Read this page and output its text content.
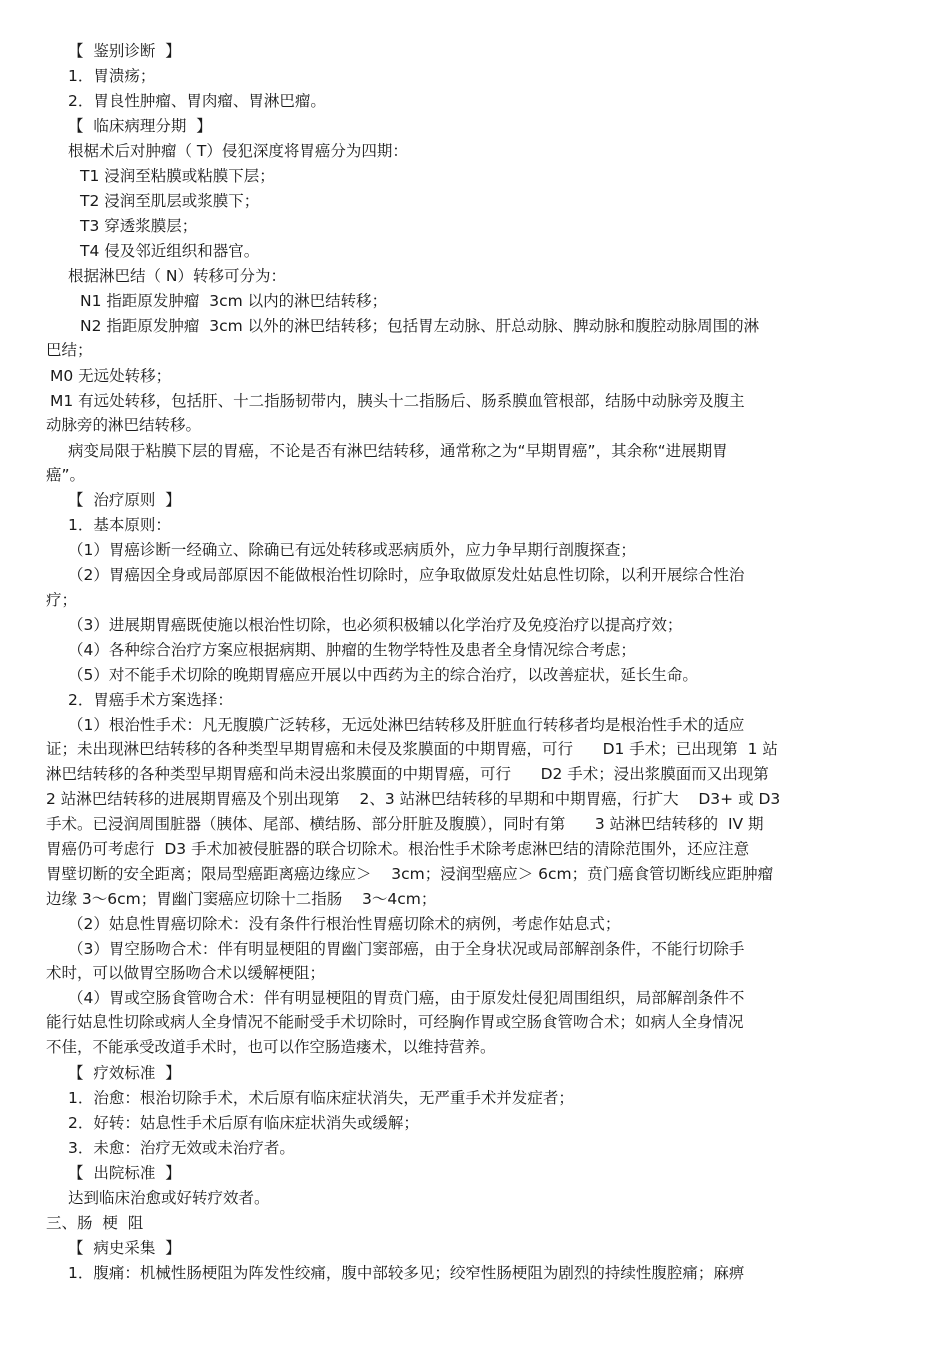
【  鉴别诊断  】
1．胃溃疡；
2．胃良性肿瘤、胃肉瘤、胃淋巴瘤。
【  临床病理分期  】
根椐术后对肿瘤（ T）侵犯深度将胃癌分为四期：
T1 浸润至粘膜或粘膜下层；
T2 浸润至肌层或浆膜下；
T3 穿透浆膜层；
T4 侵及邻近组织和器官。
根据淋巴结（ N）转移可分为：
N1 指距原发肿瘤  3cm 以内的淋巴结转移；
N2 指距原发肿瘤  3cm 以外的淋巴结转移；包括胃左动脉、肝总动脉、脾动脉和腹腔动脉周围的淋
巴结；
M0 无远处转移；
M1 有远处转移，包括肝、十二指肠韧带内，胰头十二指肠后、肠系膜血管根部，结肠中动脉旁及腹主
动脉旁的淋巴结转移。
病变局限于粘膜下层的胃癌，不论是否有淋巴结转移，通常称之为“早期胃癌”，其余称“进展期胃
癌”。
【  治疗原则  】
1．基本原则：
（1）胃癌诊断一经确立、除确已有远处转移或恶病质外，应力争早期行剖腹探查；
（2）胃癌因全身或局部原因不能做根治性切除时，应争取做原发灶姑息性切除，以利开展综合性治
疗；
（3）进展期胃癌既使施以根治性切除，也必须积极辅以化学治疗及免疫治疗以提高疗效；
（4）各种综合治疗方案应根据病期、肿瘤的生物学特性及患者全身情况综合考虑；
（5）对不能手术切除的晚期胃癌应开展以中西药为主的综合治疗，以改善症状，延长生命。
2．胃癌手术方案选择：
（1）根治性手术：凡无腹膜广泛转移，无远处淋巴结转移及肝脏血行转移者均是根治性手术的适应
证；未出现淋巴结转移的各种类型早期胃癌和未侵及浆膜面的中期胃癌，可行      D1 手术；已出现第  1 站
淋巴结转移的各种类型早期胃癌和尚未浸出浆膜面的中期胃癌，可行      D2 手术；浸出浆膜面而又出现第
2 站淋巴结转移的进展期胃癌及个别出现第    2、3 站淋巴结转移的早期和中期胃癌，行扩大    D3+ 或 D3
手术。已浸润周围脏器（胰体、尾部、横结肠、部分肝脏及腹膜），同时有第      3 站淋巴结转移的  IV 期
胃癌仍可考虑行  D3 手术加被侵脏器的联合切除术。根治性手术除考虑淋巴结的清除范围外，还应注意
胃壁切断的安全距离；限局型癌距离癌边缘应＞    3cm；浸润型癌应＞ 6cm；贲门癌食管切断线应距肿瘤
边缘 3～6cm；胃幽门窦癌应切除十二指肠    3～4cm；
（2）姑息性胃癌切除术：没有条件行根治性胃癌切除术的病例，考虑作姑息式；
（3）胃空肠吻合术：伴有明显梗阻的胃幽门窦部癌，由于全身状况或局部解剖条件，不能行切除手
术时，可以做胃空肠吻合术以缓解梗阻；
（4）胃或空肠食管吻合术：伴有明显梗阻的胃贲门癌，由于原发灶侵犯周围组织，局部解剖条件不
能行姑息性切除或病人全身情况不能耐受手术切除时，可经胸作胃或空肠食管吻合术；如病人全身情况
不佳，不能承受改道手术时，也可以作空肠造瘘术，以维持营养。
【  疗效标准  】
1．治愈：根治切除手术，术后原有临床症状消失，无严重手术并发症者；
2．好转：姑息性手术后原有临床症状消失或缓解；
3．未愈：治疗无效或未治疗者。
【  出院标准  】
达到临床治愈或好转疗效者。
三、肠  梗  阻
【  病史采集  】
1．腹痛：机械性肠梗阻为阵发性绞痛，腹中部较多见；绞窄性肠梗阻为剧烈的持续性腹腔痛；麻痹
